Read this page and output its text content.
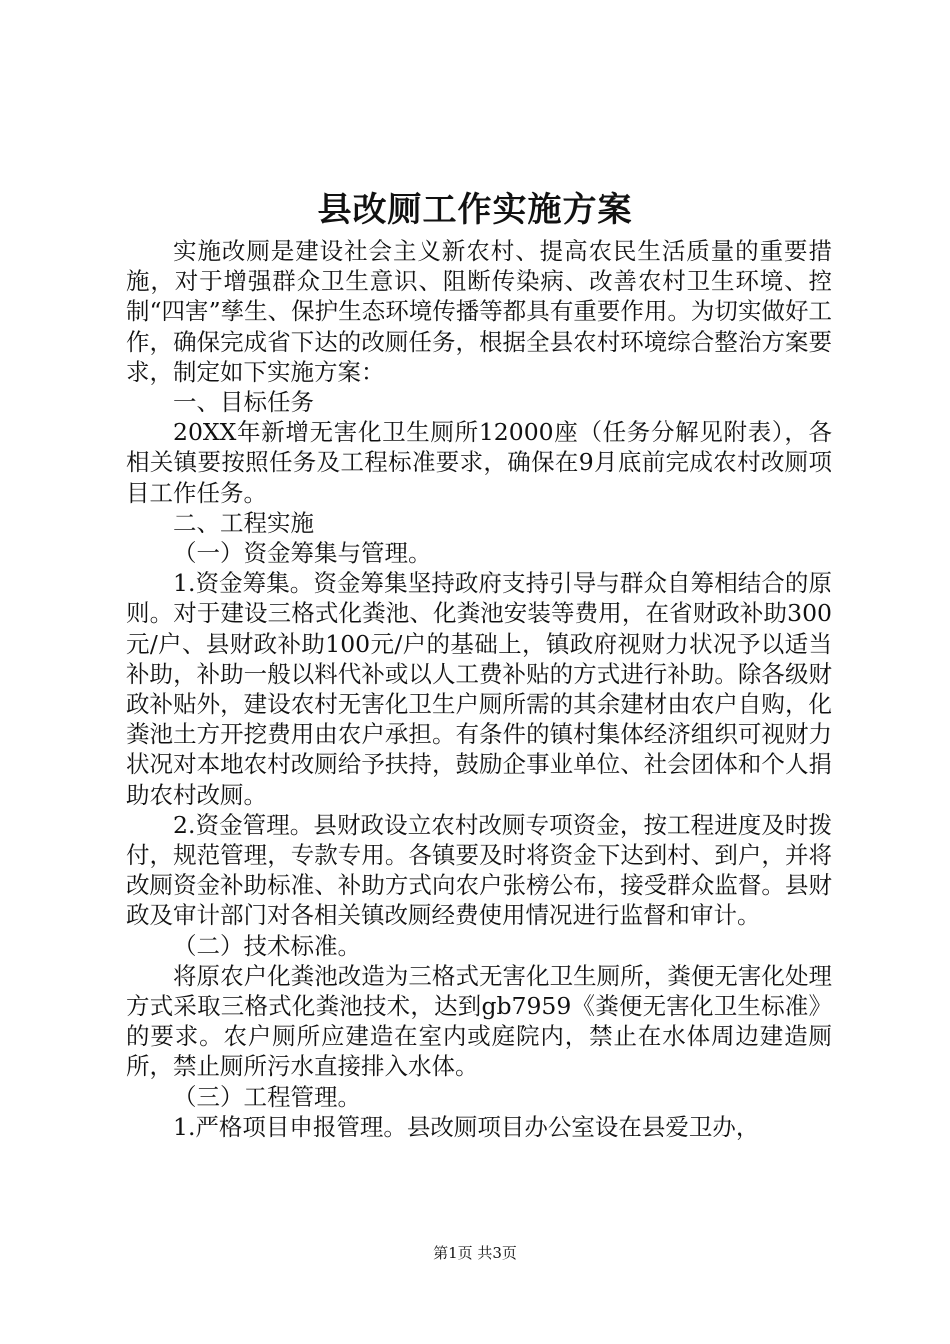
县改厕工作实施方案

实施改厕是建设社会主义新农村、提高农民生活质量的重要措施，对于增强群众卫生意识、阻断传染病、改善农村卫生环境、控制“四害”孳生、保护生态环境传播等都具有重要作用。为切实做好工作，确保完成省下达的改厕任务，根据全县农村环境综合整治方案要求，制定如下实施方案：

一、目标任务

20XX年新增无害化卫生厕所12000座（任务分解见附表），各相关镇要按照任务及工程标准要求，确保在9月底前完成农村改厕项目工作任务。

二、工程实施

（一）资金筹集与管理。

1.资金筹集。资金筹集坚持政府支持引导与群众自筹相结合的原则。对于建设三格式化粪池、化粪池安装等费用，在省财政补助300元/户、县财政补助100元/户的基础上，镇政府视财力状况予以适当补助，补助一般以料代补或以人工费补贴的方式进行补助。除各级财政补贴外，建设农村无害化卫生户厕所需的其余建材由农户自购，化粪池土方开挖费用由农户承担。有条件的镇村集体经济组织可视财力状况对本地农村改厕给予扶持，鼓励企事业单位、社会团体和个人捐助农村改厕。

2.资金管理。县财政设立农村改厕专项资金，按工程进度及时拨付，规范管理，专款专用。各镇要及时将资金下达到村、到户，并将改厕资金补助标准、补助方式向农户张榜公布，接受群众监督。县财政及审计部门对各相关镇改厕经费使用情况进行监督和审计。

（二）技术标准。

将原农户化粪池改造为三格式无害化卫生厕所，粪便无害化处理方式采取三格式化粪池技术，达到gb7959《粪便无害化卫生标准》的要求。农户厕所应建造在室内或庭院内，禁止在水体周边建造厕所，禁止厕所污水直接排入水体。

（三）工程管理。

1.严格项目申报管理。县改厕项目办公室设在县爱卫办，

第1页 共3页
